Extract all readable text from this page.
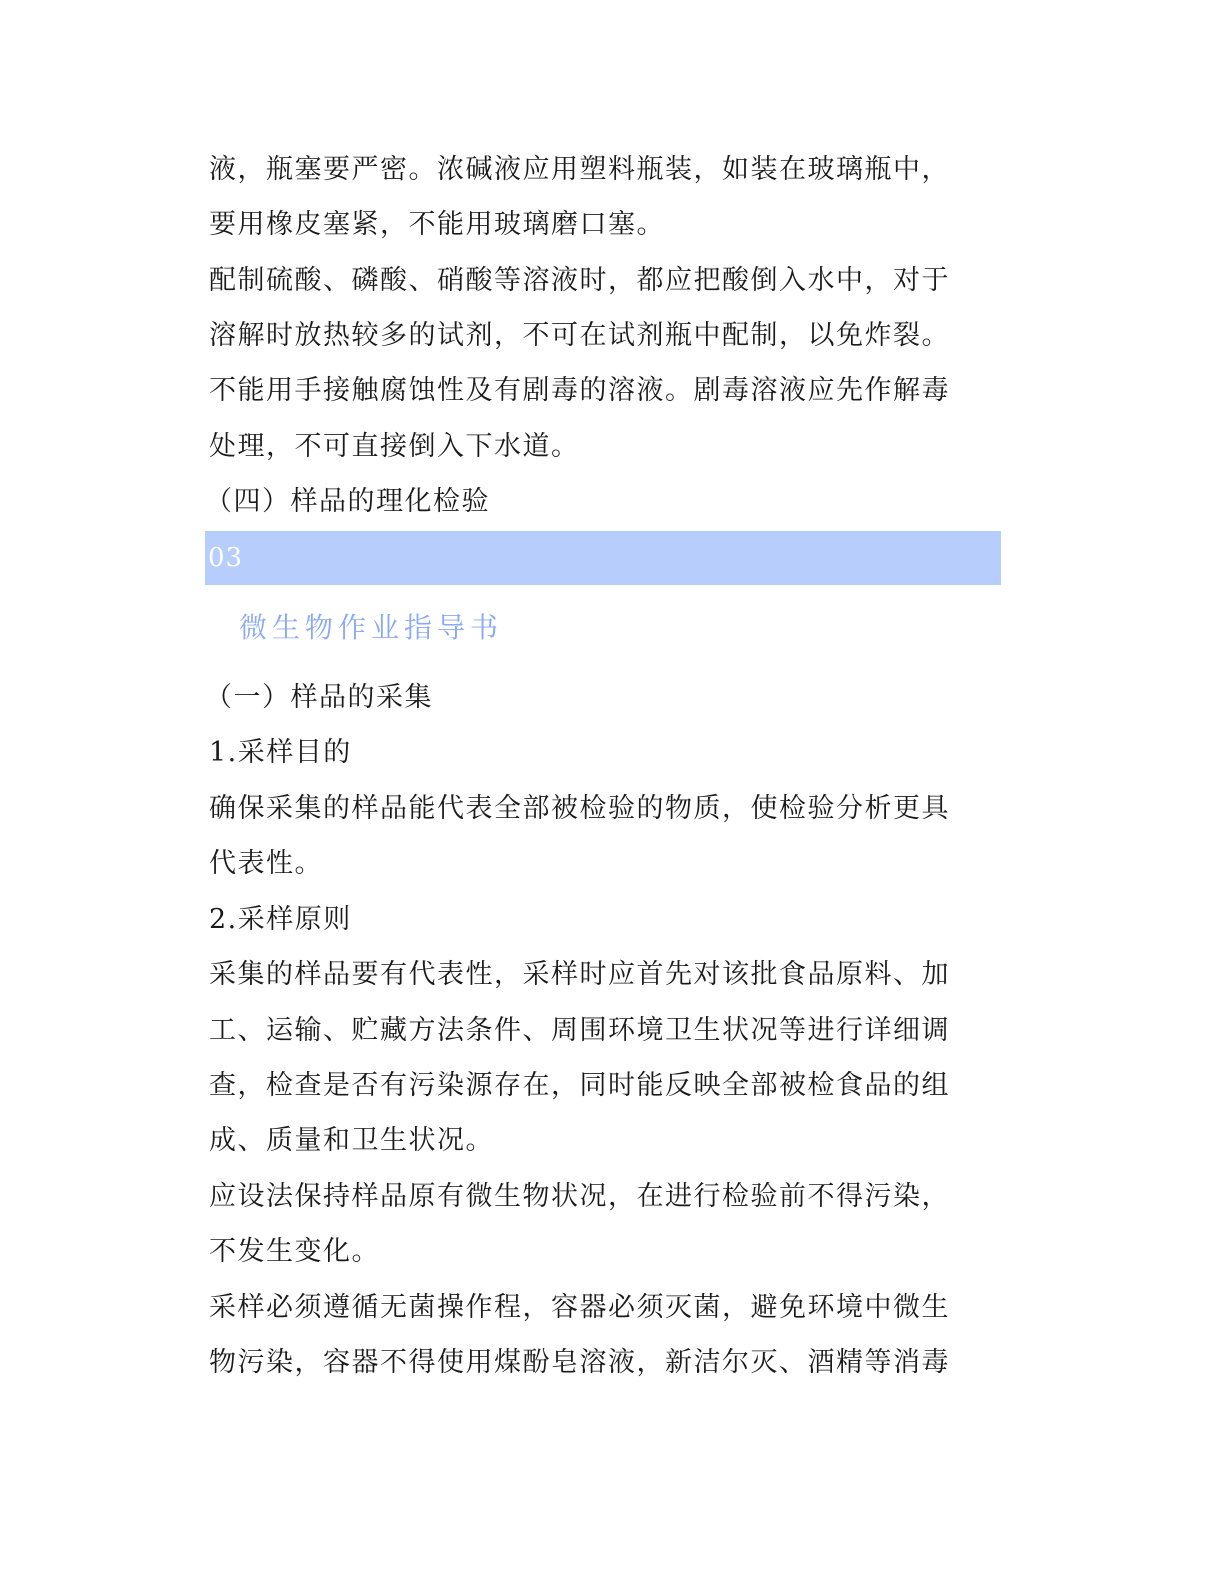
液，瓶塞要严密。浓碱液应用塑料瓶装，如装在玻璃瓶中，
要用橡皮塞紧，不能用玻璃磨口塞。
配制硫酸、磷酸、硝酸等溶液时，都应把酸倒入水中，对于
溶解时放热较多的试剂，不可在试剂瓶中配制，以免炸裂。
不能用手接触腐蚀性及有剧毒的溶液。剧毒溶液应先作解毒
处理，不可直接倒入下水道。
（四）样品的理化检验
03
微生物作业指导书
（一）样品的采集
1.采样目的
确保采集的样品能代表全部被检验的物质，使检验分析更具
代表性。
2.采样原则
采集的样品要有代表性，采样时应首先对该批食品原料、加
工、运输、贮藏方法条件、周围环境卫生状况等进行详细调
查，检查是否有污染源存在，同时能反映全部被检食品的组
成、质量和卫生状况。
应设法保持样品原有微生物状况，在进行检验前不得污染，
不发生变化。
采样必须遵循无菌操作程，容器必须灭菌，避免环境中微生
物污染，容器不得使用煤酚皂溶液，新洁尔灭、酒精等消毒
